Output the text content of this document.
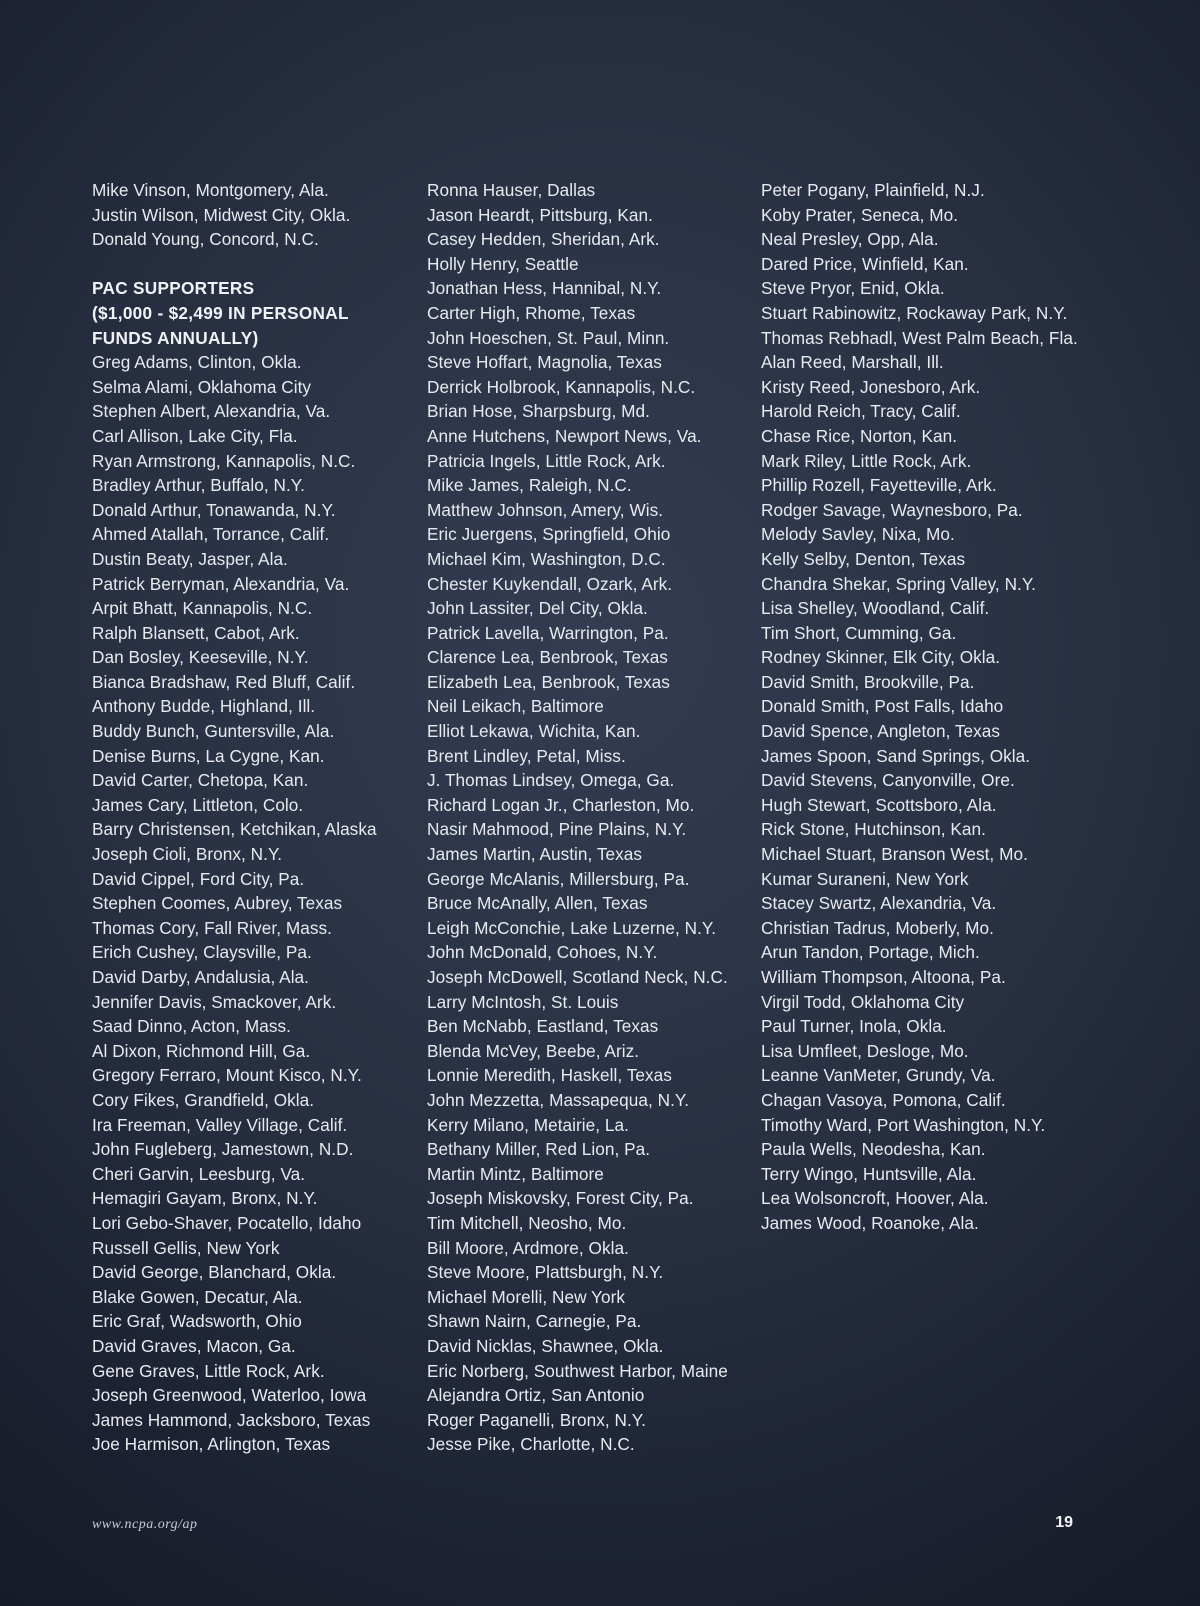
Mike Vinson, Montgomery, Ala.
Justin Wilson, Midwest City, Okla.
Donald Young, Concord, N.C.
PAC SUPPORTERS
($1,000 - $2,499 IN PERSONAL
FUNDS ANNUALLY)
Greg Adams, Clinton, Okla.
Selma Alami, Oklahoma City
Stephen Albert, Alexandria, Va.
Carl Allison, Lake City, Fla.
Ryan Armstrong, Kannapolis, N.C.
Bradley Arthur, Buffalo, N.Y.
Donald Arthur, Tonawanda, N.Y.
Ahmed Atallah, Torrance, Calif.
Dustin Beaty, Jasper, Ala.
Patrick Berryman, Alexandria, Va.
Arpit Bhatt, Kannapolis, N.C.
Ralph Blansett, Cabot, Ark.
Dan Bosley, Keeseville, N.Y.
Bianca Bradshaw, Red Bluff, Calif.
Anthony Budde, Highland, Ill.
Buddy Bunch, Guntersville, Ala.
Denise Burns, La Cygne, Kan.
David Carter, Chetopa, Kan.
James Cary, Littleton, Colo.
Barry Christensen, Ketchikan, Alaska
Joseph Cioli, Bronx, N.Y.
David Cippel, Ford City, Pa.
Stephen Coomes, Aubrey, Texas
Thomas Cory, Fall River, Mass.
Erich Cushey, Claysville, Pa.
David Darby, Andalusia, Ala.
Jennifer Davis, Smackover, Ark.
Saad Dinno, Acton, Mass.
Al Dixon, Richmond Hill, Ga.
Gregory Ferraro, Mount Kisco, N.Y.
Cory Fikes, Grandfield, Okla.
Ira Freeman, Valley Village, Calif.
John Fugleberg, Jamestown, N.D.
Cheri Garvin, Leesburg, Va.
Hemagiri Gayam, Bronx, N.Y.
Lori Gebo-Shaver, Pocatello, Idaho
Russell Gellis, New York
David George, Blanchard, Okla.
Blake Gowen, Decatur, Ala.
Eric Graf, Wadsworth, Ohio
David Graves, Macon, Ga.
Gene Graves, Little Rock, Ark.
Joseph Greenwood, Waterloo, Iowa
James Hammond, Jacksboro, Texas
Joe Harmison, Arlington, Texas
Ronna Hauser, Dallas
Jason Heardt, Pittsburg, Kan.
Casey Hedden, Sheridan, Ark.
Holly Henry, Seattle
Jonathan Hess, Hannibal, N.Y.
Carter High, Rhome, Texas
John Hoeschen, St. Paul, Minn.
Steve Hoffart, Magnolia, Texas
Derrick Holbrook, Kannapolis, N.C.
Brian Hose, Sharpsburg, Md.
Anne Hutchens, Newport News, Va.
Patricia Ingels, Little Rock, Ark.
Mike James, Raleigh, N.C.
Matthew Johnson, Amery, Wis.
Eric Juergens, Springfield, Ohio
Michael Kim, Washington, D.C.
Chester Kuykendall, Ozark, Ark.
John Lassiter, Del City, Okla.
Patrick Lavella, Warrington, Pa.
Clarence Lea, Benbrook, Texas
Elizabeth Lea, Benbrook, Texas
Neil Leikach, Baltimore
Elliot Lekawa, Wichita, Kan.
Brent Lindley, Petal, Miss.
J. Thomas Lindsey, Omega, Ga.
Richard Logan Jr., Charleston, Mo.
Nasir Mahmood, Pine Plains, N.Y.
James Martin, Austin, Texas
George McAlanis, Millersburg, Pa.
Bruce McAnally, Allen, Texas
Leigh McConchie, Lake Luzerne, N.Y.
John McDonald, Cohoes, N.Y.
Joseph McDowell, Scotland Neck, N.C.
Larry McIntosh, St. Louis
Ben McNabb, Eastland, Texas
Blenda McVey, Beebe, Ariz.
Lonnie Meredith, Haskell, Texas
John Mezzetta, Massapequa, N.Y.
Kerry Milano, Metairie, La.
Bethany Miller, Red Lion, Pa.
Martin Mintz, Baltimore
Joseph Miskovsky, Forest City, Pa.
Tim Mitchell, Neosho, Mo.
Bill Moore, Ardmore, Okla.
Steve Moore, Plattsburgh, N.Y.
Michael Morelli, New York
Shawn Nairn, Carnegie, Pa.
David Nicklas, Shawnee, Okla.
Eric Norberg, Southwest Harbor, Maine
Alejandra Ortiz, San Antonio
Roger Paganelli, Bronx, N.Y.
Jesse Pike, Charlotte, N.C.
Peter Pogany, Plainfield, N.J.
Koby Prater, Seneca, Mo.
Neal Presley, Opp, Ala.
Dared Price, Winfield, Kan.
Steve Pryor, Enid, Okla.
Stuart Rabinowitz, Rockaway Park, N.Y.
Thomas Rebhadl, West Palm Beach, Fla.
Alan Reed, Marshall, Ill.
Kristy Reed, Jonesboro, Ark.
Harold Reich, Tracy, Calif.
Chase Rice, Norton, Kan.
Mark Riley, Little Rock, Ark.
Phillip Rozell, Fayetteville, Ark.
Rodger Savage, Waynesboro, Pa.
Melody Savley, Nixa, Mo.
Kelly Selby, Denton, Texas
Chandra Shekar, Spring Valley, N.Y.
Lisa Shelley, Woodland, Calif.
Tim Short, Cumming, Ga.
Rodney Skinner, Elk City, Okla.
David Smith, Brookville, Pa.
Donald Smith, Post Falls, Idaho
David Spence, Angleton, Texas
James Spoon, Sand Springs, Okla.
David Stevens, Canyonville, Ore.
Hugh Stewart, Scottsboro, Ala.
Rick Stone, Hutchinson, Kan.
Michael Stuart, Branson West, Mo.
Kumar Suraneni, New York
Stacey Swartz, Alexandria, Va.
Christian Tadrus, Moberly, Mo.
Arun Tandon, Portage, Mich.
William Thompson, Altoona, Pa.
Virgil Todd, Oklahoma City
Paul Turner, Inola, Okla.
Lisa Umfleet, Desloge, Mo.
Leanne VanMeter, Grundy, Va.
Chagan Vasoya, Pomona, Calif.
Timothy Ward, Port Washington, N.Y.
Paula Wells, Neodesha, Kan.
Terry Wingo, Huntsville, Ala.
Lea Wolsoncroft, Hoover, Ala.
James Wood, Roanoke, Ala.
www.ncpa.org/ap	19
